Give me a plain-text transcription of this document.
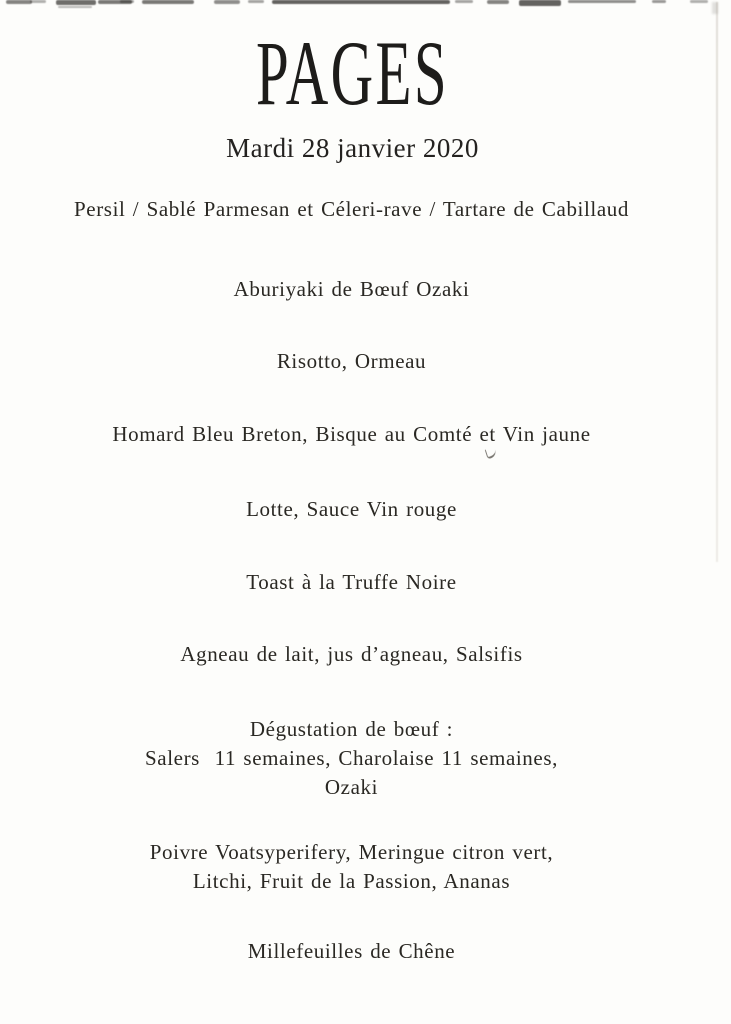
PAGES
Mardi 28 janvier 2020
Persil / Sablé Parmesan et Céleri-rave / Tartare de Cabillaud
Aburiyaki de Bœuf Ozaki
Risotto, Ormeau
Homard Bleu Breton, Bisque au Comté et Vin jaune
Lotte, Sauce Vin rouge
Toast à la Truffe Noire
Agneau de lait, jus d’agneau, Salsifis
Dégustation de bœuf :
Salers  11 semaines, Charolaise 11 semaines,
Ozaki
Poivre Voatsyperifery, Meringue citron vert,
Litchi, Fruit de la Passion, Ananas
Millefeuilles de Chêne
